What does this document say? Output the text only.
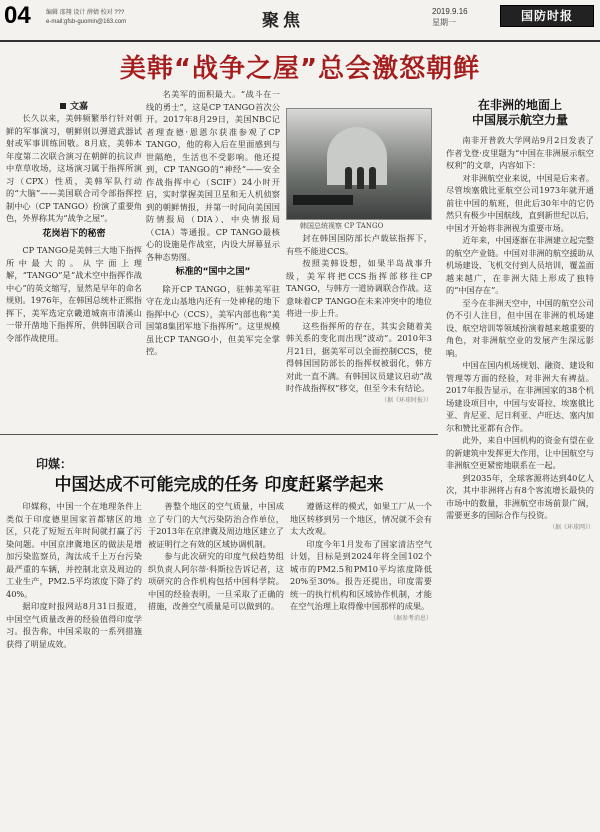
04	编辑 邵翔 设计 薛婧 校对 ???
e-mail:gfsb-guomin@163.com	聚焦	2019.9.16
星期一	国防时报
美韩“战争之屋”总会激怒朝鲜
文嘉

长久以来，美韩频繁举行针对朝鲜的军事演习，朝鲜则以弹道武器试射或军事训练回敬。8月底，美韩本年度第二次联合演习在朝鲜的抗议声中草草收场，这场演习属于指挥所演习（CPX）性质，美韩军队行动的“大脑”——美国联合司令部指挥控制中心（CP TANGO）扮演了重要角色，外界称其为“战争之屋”。

花岗岩下的秘密

CP TANGO是美韩三大地下指挥所中最大的。从字面上理解，“TANGO”是“战术空中指挥作战中心”的英文缩写，显然是早年的命名规则。1976年，在韩国总统朴正熙指挥下，美军选定京畿道城南市清溪山一带开凿地下指挥所，供韩国联合司令部作战使用。

名美军的面积最大。“战斗在一线的勇士”，这是CP TANGO首次公开。2017年8月29日，美国NBC记者理查德·恩恩尔获准参观了CP TANGO，他的称入后在里面感到与世隔绝，生活也不受影响。他还提到，CP TANGO的“神经”——安全作战指挥中心（SCIF）24小时开启，实时掌握美国卫星和无人机侦察到的朝鲜情报，并第一时间向美国国防情报局（DIA）、中央情报局（CIA）等通报。CP TANGO最核心的设施是作战室，内设大屏幕显示各种态势图。

标准的“国中之国”

除开CP TANGO，驻韩美军驻守在龙山基地内还有一处神秘的地下指挥中心（CCS），美军内部也称“美国第8集团军地下指挥所”。这里规模虽比CP TANGO小，但美军完全掌控。

韩国总统视察 CP TANGO

封在韩国国防部长卢载铉指挥下，有些不能进CCS。

按照美韩设想，如果半岛战事升级，美军将把CCS指挥部移往CP TANGO，与韩方一道协调联合作战。这意味着CP TANGO在未来冲突中的地位将进一步上升。

这些指挥所的存在，其实会随着美韩关系的变化而出现“波动”。2010年3月21日，据美军可以全面控制CCS，使得韩国国防部长的指挥权被弱化，韩方对此一直不满。有韩国议员建议启动“战时作战指挥权”移交，但至今未有结论。

（据《环球时报》）
在非洲的地面上
中国展示航空力量

南非开普敦大学网站9月2日发表了作者戈登·皮里题为“中国在非洲展示航空权利”的文章，内容如下：

对非洲航空业来说，中国是后来者。尽管埃塞俄比亚航空公司1973年就开通前往中国的航班，但此后30年中的它仍然只有极少中国航线，直到新世纪以后，中国才开始将非洲视为重要市场。

近年来，中国逐渐在非洲建立起完整的航空产业链。中国对非洲的航空援助从机场建设、飞机交付到人员培训，覆盖面越来越广，在非洲大陆上形成了独特的“中国存在”。

至今在非洲天空中，中国的航空公司仍不引人注目，但中国在非洲的机场建设、航空培训等领域扮演着越来越重要的角色，对非洲航空业的发展产生深远影响。

中国在国内机场规划、融资、建设和管理等方面的经验，对非洲大有裨益。2017年报告显示，在非洲国家的38个机场建设项目中，中国与安哥拉、埃塞俄比亚、肯尼亚、尼日利亚、卢旺达、塞内加尔和赞比亚都有合作。

此外，来自中国机构的资金有望在业的新建筑中发挥更大作用，让中国航空与非洲航空更紧密地联系在一起。

到2035年，全球客源将达到40亿人次，其中非洲将占有8个客流增长最快的市场中的数量，非洲航空市场前景广阔，需要更多的国际合作与投资。

（据《环球网》）
印媒：
中国达成不可能完成的任务 印度赶紧学起来

印媒称，中国一个在地理条件上类似于印度德里国家首都辖区的地区，只花了短短五年时间就打赢了污染问题。中国京津冀地区的做法是增加污染监察员，淘汰成千上万台污染最严重的车辆，并控制北京及周边的工业生产，PM2.5平均浓度下降了约40%。

据印度时报网站8月31日报道，中国空气质量改善的经验值得印度学习。报告称，中国采取的一系列措施获得了明显成效。

善整个地区的空气质量，中国成立了专门的大气污染防治合作单位，于2013年在京津冀及周边地区建立了被证明行之有效的区域协调机制。

参与此次研究的印度气候趋势组织负责人阿尔蒂·科斯拉告诉记者，这项研究的合作机构包括中国科学院。中国的经验表明，一旦采取了正确的措施，改善空气质量是可以做到的。

遵循这样的模式，如果工厂从一个地区转移到另一个地区，情况就不会有太大改观。

印度今年1月发布了国家清洁空气计划，目标是到2024年将全国102个城市的PM2.5和PM10平均浓度降低20%至30%。报告还提出，印度需要统一的执行机构和区域协作机制，才能在空气治理上取得像中国那样的成果。

（据参考消息）
